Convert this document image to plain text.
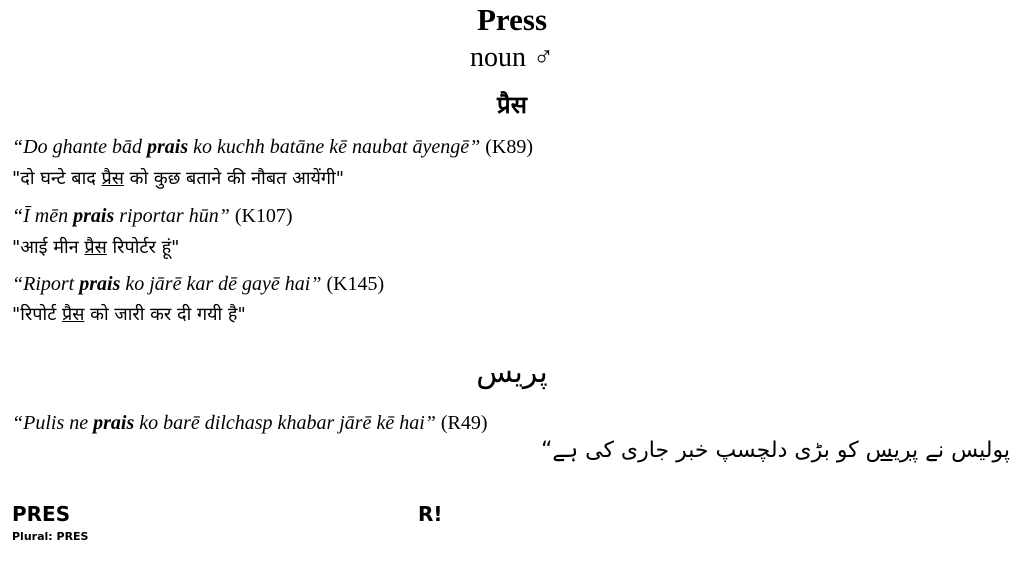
Press
noun ♂
प्रैस
“Do ghante bād prais ko kuchh batāne kē naubat āyengē” (K89)
"दो घन्टे बाद प्रैस को कुछ बताने की नौबत आयेंगी"
“Ī mēn prais riportar hūn” (K107)
"आई मीन प्रैस रिपोर्टर हूं"
“Riport prais ko jārē kar dē gayē hai” (K145)
"रिपोर्ट प्रैस को जारी कर दी गयी है"
پریس
“Pulis ne prais ko barē dilchasp khabar jārē kē hai” (R49)
پولیس نے پریس کو بڑی دلچسپ خبر جاری کی ہے“
PRES
Plural: PRES
R!
